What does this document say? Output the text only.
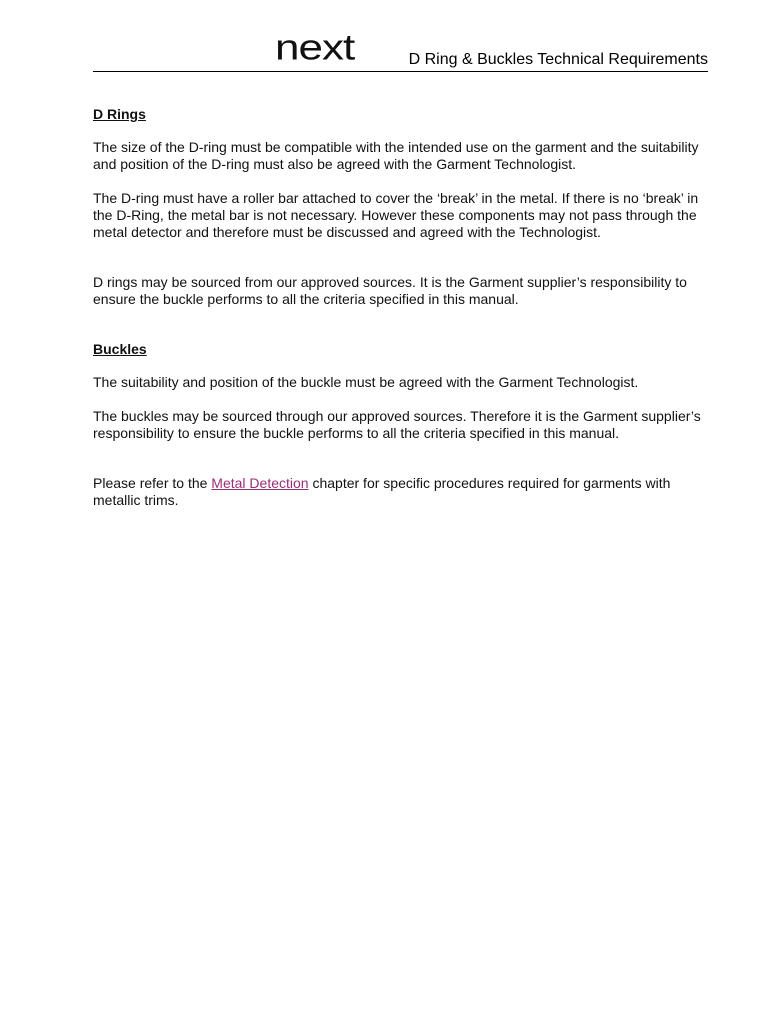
next	D Ring & Buckles Technical Requirements
D Rings

The size of the D-ring must be compatible with the intended use on the garment and the suitability and position of the D-ring must also be agreed with the Garment Technologist.

The D-ring must have a roller bar attached to cover the ‘break’ in the metal. If there is no ‘break’ in the D-Ring, the metal bar is not necessary. However these components may not pass through the metal detector and therefore must be discussed and agreed with the Technologist.

D rings may be sourced from our approved sources. It is the Garment supplier’s responsibility to ensure the buckle performs to all the criteria specified in this manual.

Buckles

The suitability and position of the buckle must be agreed with the Garment Technologist.

The buckles may be sourced through our approved sources. Therefore it is the Garment supplier’s responsibility to ensure the buckle performs to all the criteria specified in this manual.

Please refer to the Metal Detection chapter for specific procedures required for garments with metallic trims.
